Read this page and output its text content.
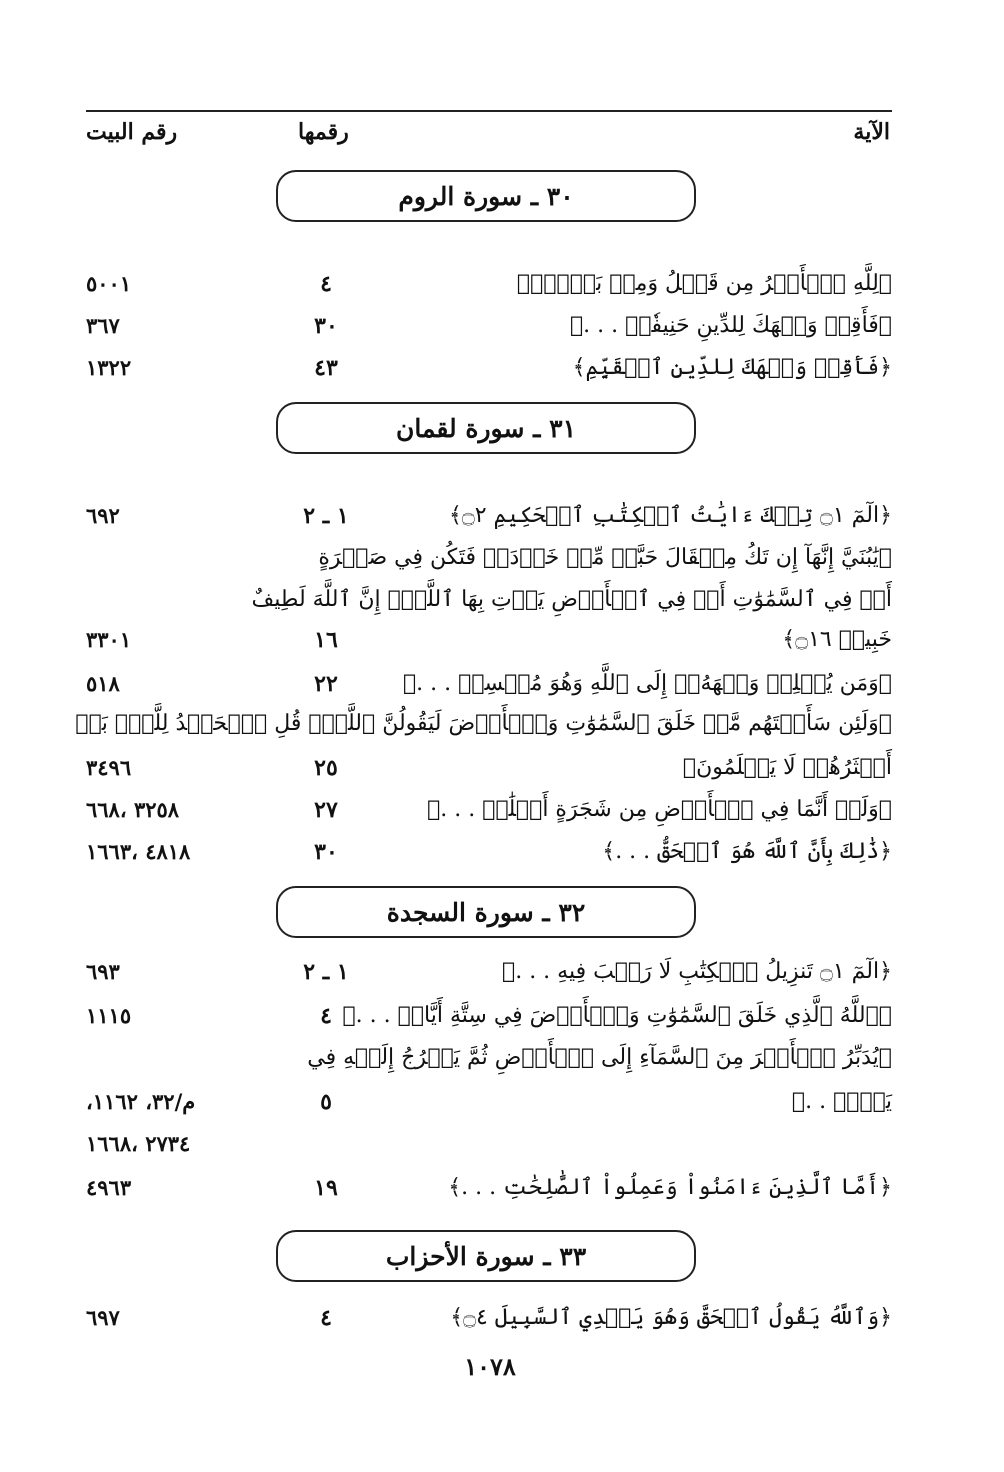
الآية
رقمها
رقم البيت
٣٠ ـ سورة الروم
٣١ ـ سورة لقمان
٣٢ ـ سورة السجدة
٣٣ ـ سورة الأحزاب
﴿لِلَّهِ ٱلۡأَمۡرُ مِن قَبۡلُ وَمِنۢ بَعۡدُۚ﴾
٤
٥٠٠١
﴿فَأَقِمۡ وَجۡهَكَ لِلدِّينِ حَنِيفٗاۚ . . .﴾
٣٠
٣٦٧
﴿فَأَقِمۡ وَجۡهَكَ لِلدِّينِ ٱلۡقَيِّمِ﴾
٤٣
١٣٢٢
﴿الٓمٓ ۝١ تِلۡكَ ءَايَٰتُ ٱلۡكِتَٰبِ ٱلۡحَكِيمِ ۝٢﴾
١ ـ ٢
٦٩٢
﴿يَٰبُنَيَّ إِنَّهَآ إِن تَكُ مِثۡقَالَ حَبَّةٖ مِّنۡ خَرۡدَلٖ فَتَكُن فِي صَخۡرَةٍ
أَوۡ فِي ٱلسَّمَٰوَٰتِ أَوۡ فِي ٱلۡأَرۡضِ يَأۡتِ بِهَا ٱللَّهُۚ إِنَّ ٱللَّهَ لَطِيفٌ
خَبِيرٞ ۝١٦﴾
١٦
٣٣٠١
﴿وَمَن يُسۡلِمۡ وَجۡهَهُۥٓ إِلَى ٱللَّهِ وَهُوَ مُحۡسِنٞ . . .﴾
٢٢
٥١٨
﴿وَلَئِن سَأَلۡتَهُم مَّنۡ خَلَقَ ٱلسَّمَٰوَٰتِ وَٱلۡأَرۡضَ لَيَقُولُنَّ ٱللَّهُۚ قُلِ ٱلۡحَمۡدُ لِلَّهِۚ بَلۡ
أَكۡثَرُهُمۡ لَا يَعۡلَمُونَ﴾
٢٥
٣٤٩٦
﴿وَلَوۡ أَنَّمَا فِي ٱلۡأَرۡضِ مِن شَجَرَةٍ أَقۡلَٰمٞ . . .﴾
٢٧
٣٢٥٨ ،٦٦٨
﴿ذَٰلِكَ بِأَنَّ ٱللَّهَ هُوَ ٱلۡحَقُّ . . .﴾
٣٠
٤٨١٨ ،١٦٦٣
﴿الٓمٓ ۝١ تَنزِيلُ ٱلۡكِتَٰبِ لَا رَيۡبَ فِيهِ . . .﴾
١ ـ ٢
٦٩٣
﴿ٱللَّهُ ٱلَّذِي خَلَقَ ٱلسَّمَٰوَٰتِ وَٱلۡأَرۡضَ فِي سِتَّةِ أَيَّامٖ . . .﴾
٤
١١١٥
﴿يُدَبِّرُ ٱلۡأَمۡرَ مِنَ ٱلسَّمَآءِ إِلَى ٱلۡأَرۡضِ ثُمَّ يَعۡرُجُ إِلَيۡهِ فِي
يَوۡمٖ . .﴾
٥
م/٣٢، ١١٦٢،
٢٧٣٤ ،١٦٦٨
﴿أَمَّا ٱلَّذِينَ ءَامَنُواْ وَعَمِلُواْ ٱلصَّٰلِحَٰتِ . . .﴾
١٩
٤٩٦٣
﴿وَٱللَّهُ يَقُولُ ٱلۡحَقَّ وَهُوَ يَهۡدِي ٱلسَّبِيلَ ۝٤﴾
٤
٦٩٧
١٠٧٨
